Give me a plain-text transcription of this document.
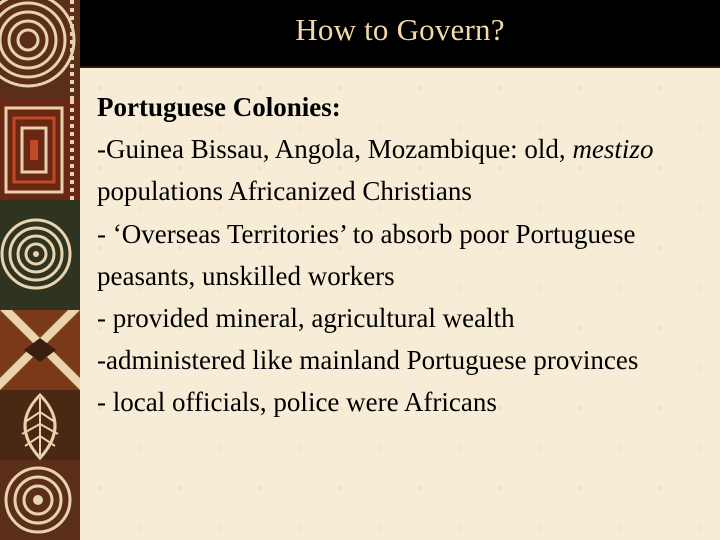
How to Govern?

Portuguese Colonies:

-Guinea Bissau, Angola, Mozambique: old, mestizo populations Africanized Christians

- ‘Overseas Territories’ to absorb poor Portuguese peasants, unskilled workers

- provided mineral, agricultural wealth

-administered like mainland Portuguese provinces

- local officials, police were Africans
